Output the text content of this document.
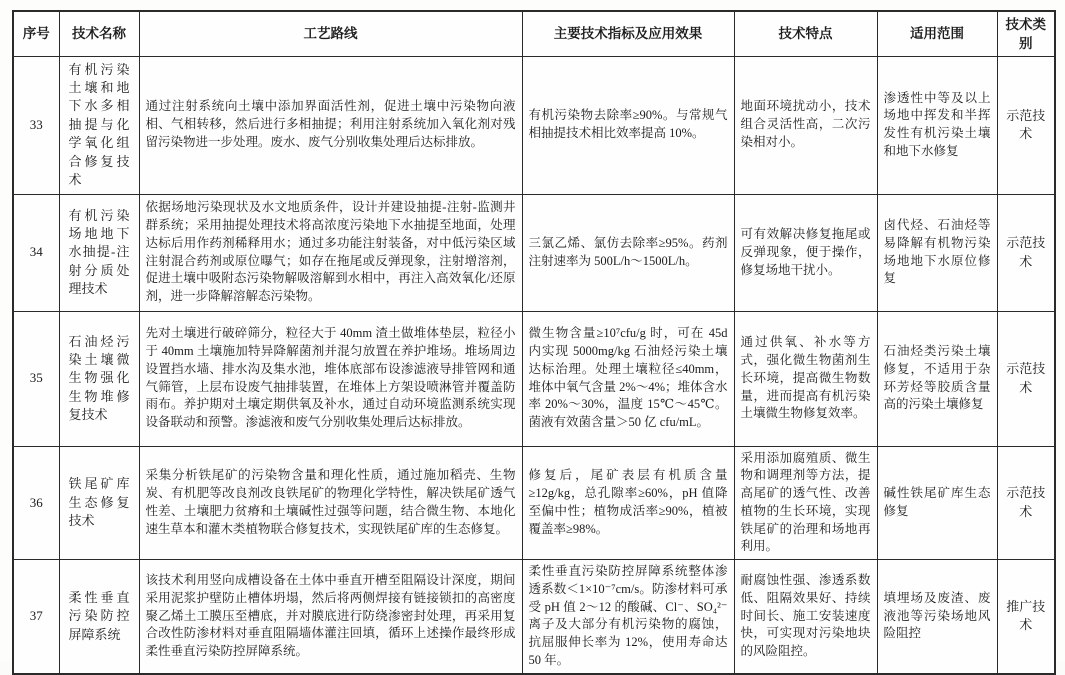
序号	技术名称	工艺路线	主要技术指标及应用效果	技术特点	适用范围	技术类别
33	有机污染土壤和地下水多相抽提与化学氧化组合修复技术	通过注射系统向土壤中添加界面活性剂，促进土壤中污染物向液相、气相转移，然后进行多相抽提；利用注射系统加入氧化剂对残留污染物进一步处理。废水、废气分别收集处理后达标排放。	有机污染物去除率≥90%。与常规气相抽提技术相比效率提高 10%。	地面环境扰动小，技术组合灵活性高，二次污染相对小。	渗透性中等及以上场地中挥发和半挥发性有机污染土壤和地下水修复	示范技术
34	有机污染场地地下水抽提-注射分质处理技术	依据场地污染现状及水文地质条件，设计并建设抽提-注射-监测井群系统；采用抽提处理技术将高浓度污染地下水抽提至地面，处理达标后用作药剂稀释用水；通过多功能注射装备，对中低污染区域注射混合药剂或原位曝气；如存在拖尾或反弹现象，注射增溶剂，促进土壤中吸附态污染物解吸溶解到水相中，再注入高效氧化/还原剂，进一步降解溶解态污染物。	三氯乙烯、氯仿去除率≥95%。药剂注射速率为 500L/h～1500L/h。	可有效解决修复拖尾或反弹现象，便于操作，修复场地干扰小。	卤代烃、石油烃等易降解有机物污染场地地下水原位修复	示范技术
35	石油烃污染土壤微生物强化生物堆修复技术	先对土壤进行破碎筛分，粒径大于 40mm 渣土做堆体垫层，粒径小于 40mm 土壤施加特异降解菌剂并混匀放置在养护堆场。堆场周边设置挡水墙、排水沟及集水池，堆体底部布设渗滤液导排管网和通气筛管，上层布设废气抽排装置，在堆体上方架设喷淋管并覆盖防雨布。养护期对土壤定期供氧及补水，通过自动环境监测系统实现设备联动和预警。渗滤液和废气分别收集处理后达标排放。	微生物含量≥10⁷cfu/g 时，可在 45d 内实现 5000mg/kg 石油烃污染土壤达标治理。处理土壤粒径≤40mm，堆体中氧气含量 2%～4%；堆体含水率 20%～30%，温度 15℃～45℃。菌液有效菌含量＞50 亿 cfu/mL。	通过供氧、补水等方式，强化微生物菌剂生长环境，提高微生物数量，进而提高有机污染土壤微生物修复效率。	石油烃类污染土壤修复，不适用于杂环芳烃等胶质含量高的污染土壤修复	示范技术
36	铁尾矿库生态修复技术	采集分析铁尾矿的污染物含量和理化性质，通过施加稻壳、生物炭、有机肥等改良剂改良铁尾矿的物理化学特性，解决铁尾矿透气性差、土壤肥力贫瘠和土壤碱性过强等问题，结合微生物、本地化速生草本和灌木类植物联合修复技术，实现铁尾矿库的生态修复。	修复后，尾矿表层有机质含量≥12g/kg，总孔隙率≥60%，pH 值降至偏中性；植物成活率≥90%，植被覆盖率≥98%。	采用添加腐殖质、微生物和调理剂等方法，提高尾矿的透气性、改善植物的生长环境，实现铁尾矿的治理和场地再利用。	碱性铁尾矿库生态修复	示范技术
37	柔性垂直污染防控屏障系统	该技术利用竖向成槽设备在土体中垂直开槽至阻隔设计深度，期间采用泥浆护壁防止槽体坍塌，然后将两侧焊接有链接锁扣的高密度聚乙烯土工膜压至槽底，并对膜底进行防绕渗密封处理，再采用复合改性防渗材料对垂直阻隔墙体灌注回填，循环上述操作最终形成柔性垂直污染防控屏障系统。	柔性垂直污染防控屏障系统整体渗透系数＜1×10⁻⁷cm/s。防渗材料可承受 pH 值 2～12 的酸碱、Cl⁻、SO₄²⁻离子及大部分有机污染物的腐蚀，抗屈服伸长率为 12%，使用寿命达 50 年。	耐腐蚀性强、渗透系数低、阻隔效果好、持续时间长、施工安装速度快，可实现对污染地块的风险阻控。	填埋场及废渣、废液池等污染场地风险阻控	推广技术
